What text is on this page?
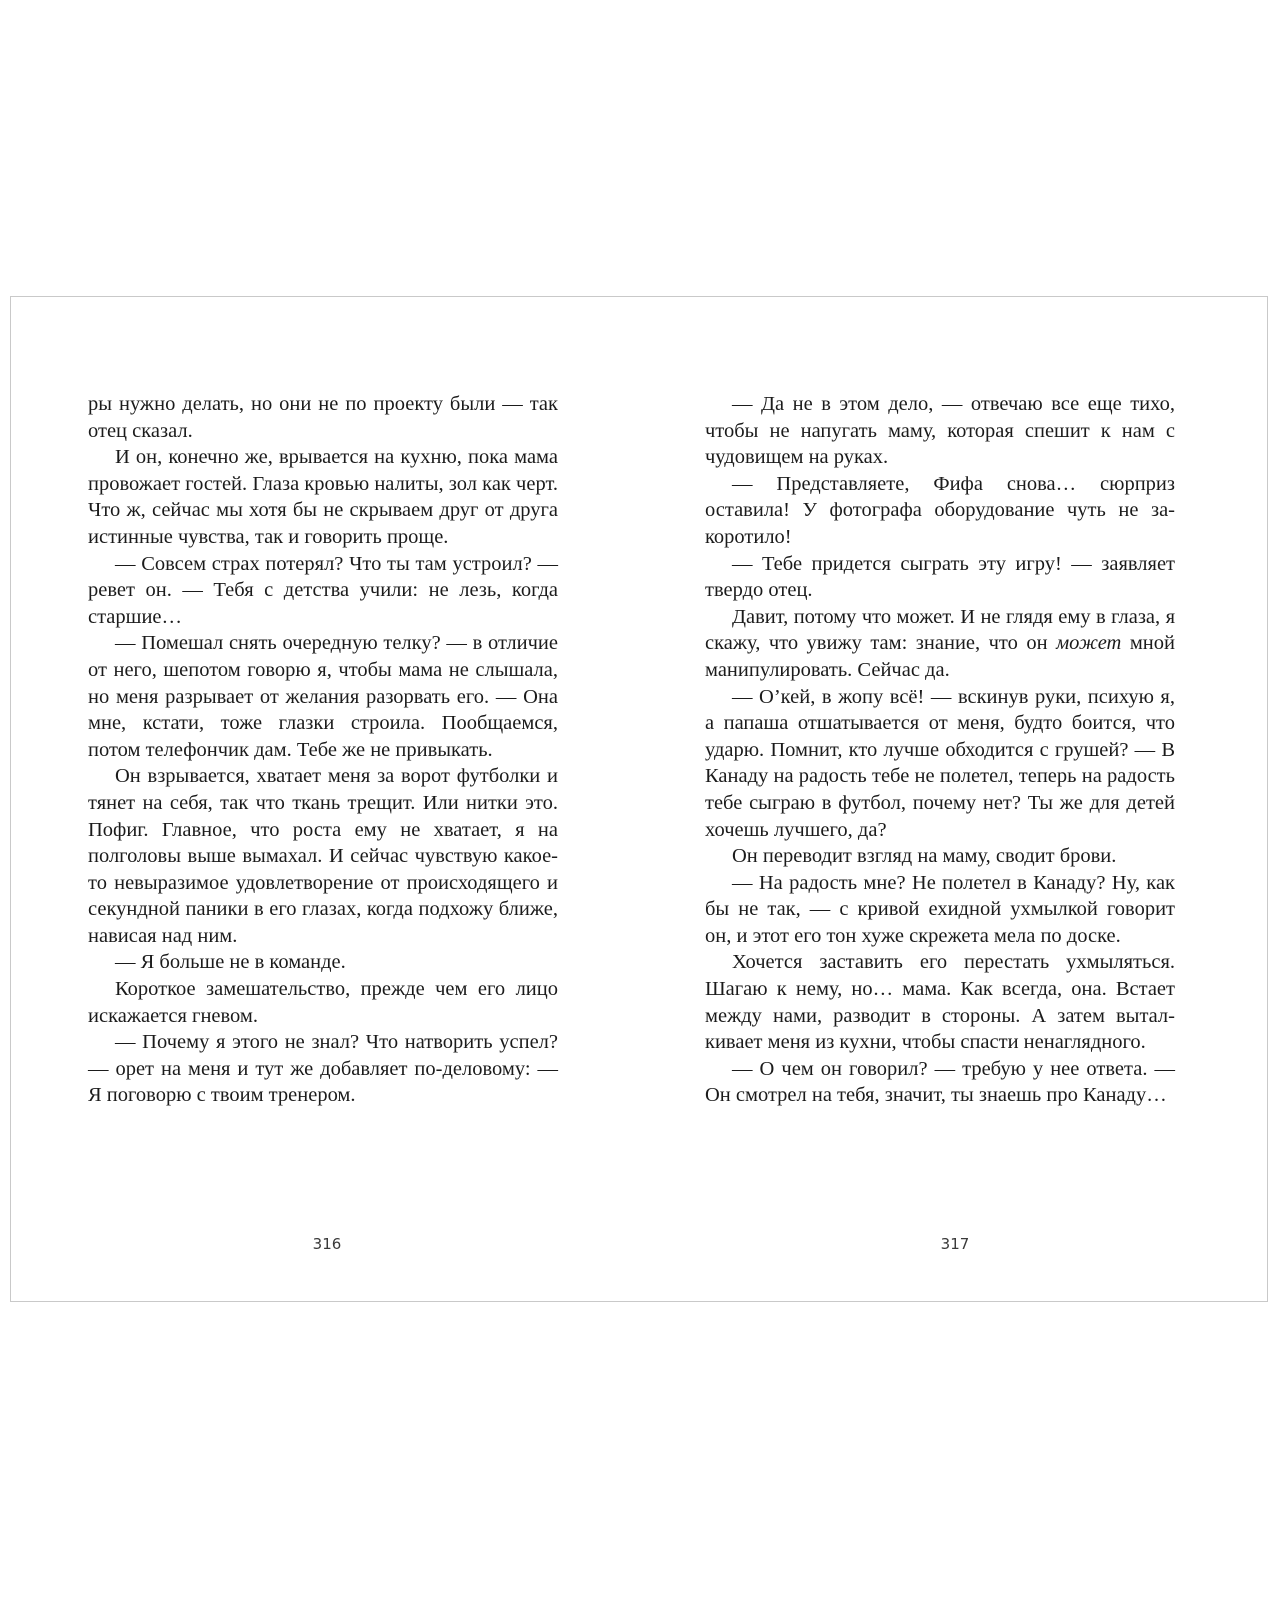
ры нужно делать, но они не по проекту были — так отец сказал.

И он, конечно же, врывается на кухню, пока мама провожает гостей. Глаза кровью налиты, зол как черт. Что ж, сейчас мы хотя бы не скрываем друг от друга истинные чувства, так и говорить проще.

— Совсем страх потерял? Что ты там устроил? — ревет он. — Тебя с детства учили: не лезь, когда старшие…

— Помешал снять очередную телку? — в отличие от него, шепотом говорю я, чтобы мама не слышала, но меня разрывает от желания разорвать его. — Она мне, кстати, тоже глазки строила. Пообщаемся, потом телефончик дам. Тебе же не привыкать.

Он взрывается, хватает меня за ворот футболки и тянет на себя, так что ткань трещит. Или нитки это. Пофиг. Главное, что роста ему не хватает, я на полголовы выше вымахал. И сейчас чувствую какое-то невыразимое удовлетворение от происходящего и секундной паники в его глазах, когда подхожу ближе, нависая над ним.

— Я больше не в команде.

Короткое замешательство, прежде чем его лицо искажается гневом.

— Почему я этого не знал? Что натворить успел? — орет на меня и тут же добавляет по-деловому: — Я поговорю с твоим тренером.

— Да не в этом дело, — отвечаю все еще тихо, чтобы не напугать маму, которая спешит к нам с чудовищем на руках.

— Представляете, Фифа снова… сюрприз оставила! У фотографа оборудование чуть не закоротило!

— Тебе придется сыграть эту игру! — заявляет твердо отец.

Давит, потому что может. И не глядя ему в глаза, я скажу, что увижу там: знание, что он может мной манипулировать. Сейчас да.

— О’кей, в жопу всё! — вскинув руки, психую я, а папаша отшатывается от меня, будто боится, что ударю. Помнит, кто лучше обходится с грушей? — В Канаду на радость тебе не полетел, теперь на радость тебе сыграю в футбол, почему нет? Ты же для детей хочешь лучшего, да?

Он переводит взгляд на маму, сводит брови.

— На радость мне? Не полетел в Канаду? Ну, как бы не так, — с кривой ехидной ухмылкой говорит он, и этот его тон хуже скрежета мела по доске.

Хочется заставить его перестать ухмыляться. Шагаю к нему, но… мама. Как всегда, она. Встает между нами, разводит в стороны. А затем выталкивает меня из кухни, чтобы спасти ненаглядного.

— О чем он говорил? — требую у нее ответа. — Он смотрел на тебя, значит, ты знаешь про Канаду…

316	317
